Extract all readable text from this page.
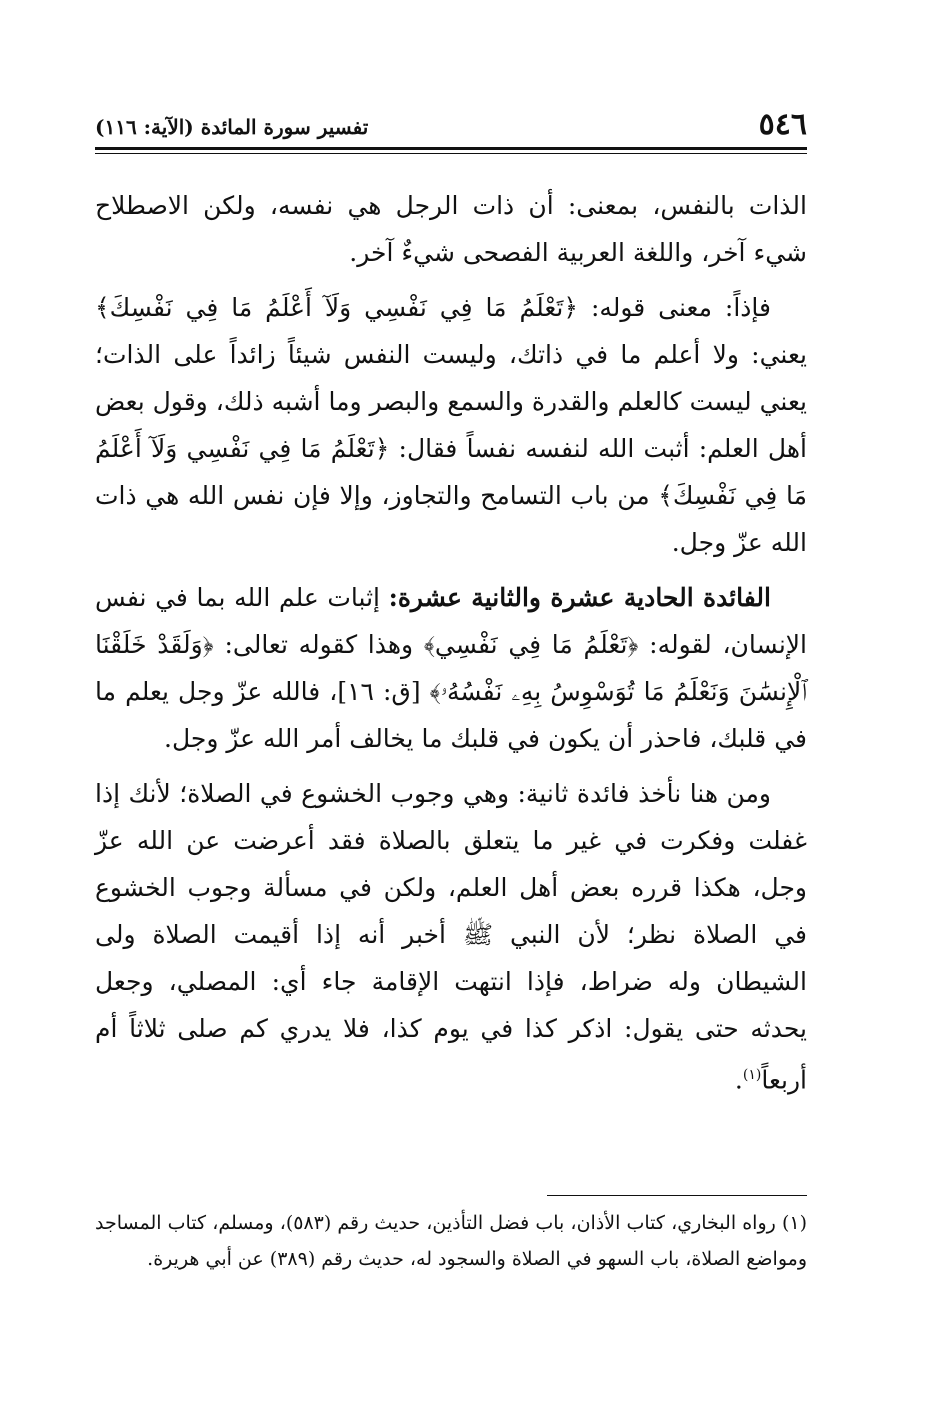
٥٤٦
تفسير سورة المائدة (الآية: ١١٦)

الذات بالنفس، بمعنى: أن ذات الرجل هي نفسه، ولكن الاصطلاح شيء آخر، واللغة العربية الفصحى شيءٌ آخر.

فإذاً: معنى قوله: ﴿تَعْلَمُ مَا فِي نَفْسِي وَلَآ أَعْلَمُ مَا فِي نَفْسِكَ﴾ يعني: ولا أعلم ما في ذاتك، وليست النفس شيئاً زائداً على الذات؛ يعني ليست كالعلم والقدرة والسمع والبصر وما أشبه ذلك، وقول بعض أهل العلم: أثبت الله لنفسه نفساً فقال: ﴿تَعْلَمُ مَا فِي نَفْسِي وَلَآ أَعْلَمُ مَا فِي نَفْسِكَ﴾ من باب التسامح والتجاوز، وإلا فإن نفس الله هي ذات الله عزّ وجل.

الفائدة الحادية عشرة والثانية عشرة: إثبات علم الله بما في نفس الإنسان، لقوله: ﴿تَعْلَمُ مَا فِي نَفْسِي﴾ وهذا كقوله تعالى: ﴿وَلَقَدْ خَلَقْنَا ٱلْإِنسَٰنَ وَنَعْلَمُ مَا تُوَسْوِسُ بِهِۦ نَفْسُهُۥ﴾ [ق: ١٦]، فالله عزّ وجل يعلم ما في قلبك، فاحذر أن يكون في قلبك ما يخالف أمر الله عزّ وجل.

ومن هنا نأخذ فائدة ثانية: وهي وجوب الخشوع في الصلاة؛ لأنك إذا غفلت وفكرت في غير ما يتعلق بالصلاة فقد أعرضت عن الله عزّ وجل، هكذا قرره بعض أهل العلم، ولكن في مسألة وجوب الخشوع في الصلاة نظر؛ لأن النبي ﷺ أخبر أنه إذا أقيمت الصلاة ولى الشيطان وله ضراط، فإذا انتهت الإقامة جاء أي: المصلي، وجعل يحدثه حتى يقول: اذكر كذا في يوم كذا، فلا يدري كم صلى ثلاثاً أم أربعاً$^{(١)}$.

(١) رواه البخاري، كتاب الأذان، باب فضل التأذين، حديث رقم (٥٨٣)، ومسلم، كتاب المساجد ومواضع الصلاة، باب السهو في الصلاة والسجود له، حديث رقم (٣٨٩) عن أبي هريرة.
